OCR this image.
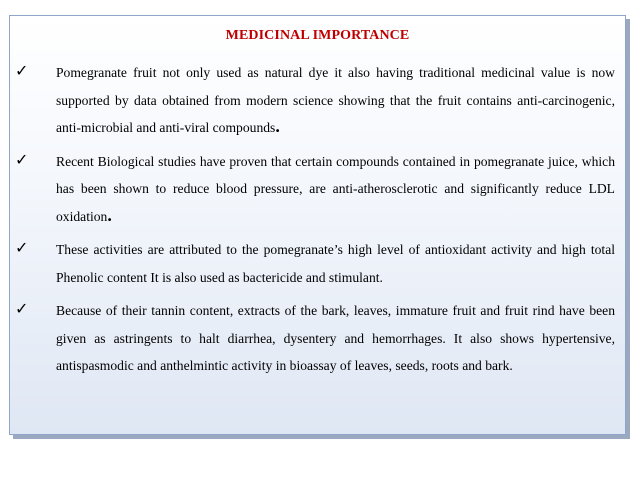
MEDICINAL IMPORTANCE
✓ Pomegranate fruit not only used as natural dye it also having traditional medicinal value is now supported by data obtained from modern science showing that the fruit contains anti-carcinogenic, anti-microbial and anti-viral compounds.
✓ Recent Biological studies have proven that certain compounds contained in pomegranate juice, which has been shown to reduce blood pressure, are anti-atherosclerotic and significantly reduce LDL oxidation.
✓ These activities are attributed to the pomegranate’s high level of antioxidant activity and high total Phenolic content It is also used as bactericide and stimulant.
✓ Because of their tannin content, extracts of the bark, leaves, immature fruit and fruit rind have been given as astringents to halt diarrhea, dysentery and hemorrhages. It also shows hypertensive, antispasmodic and anthelmintic activity in bioassay of leaves, seeds, roots and bark.
